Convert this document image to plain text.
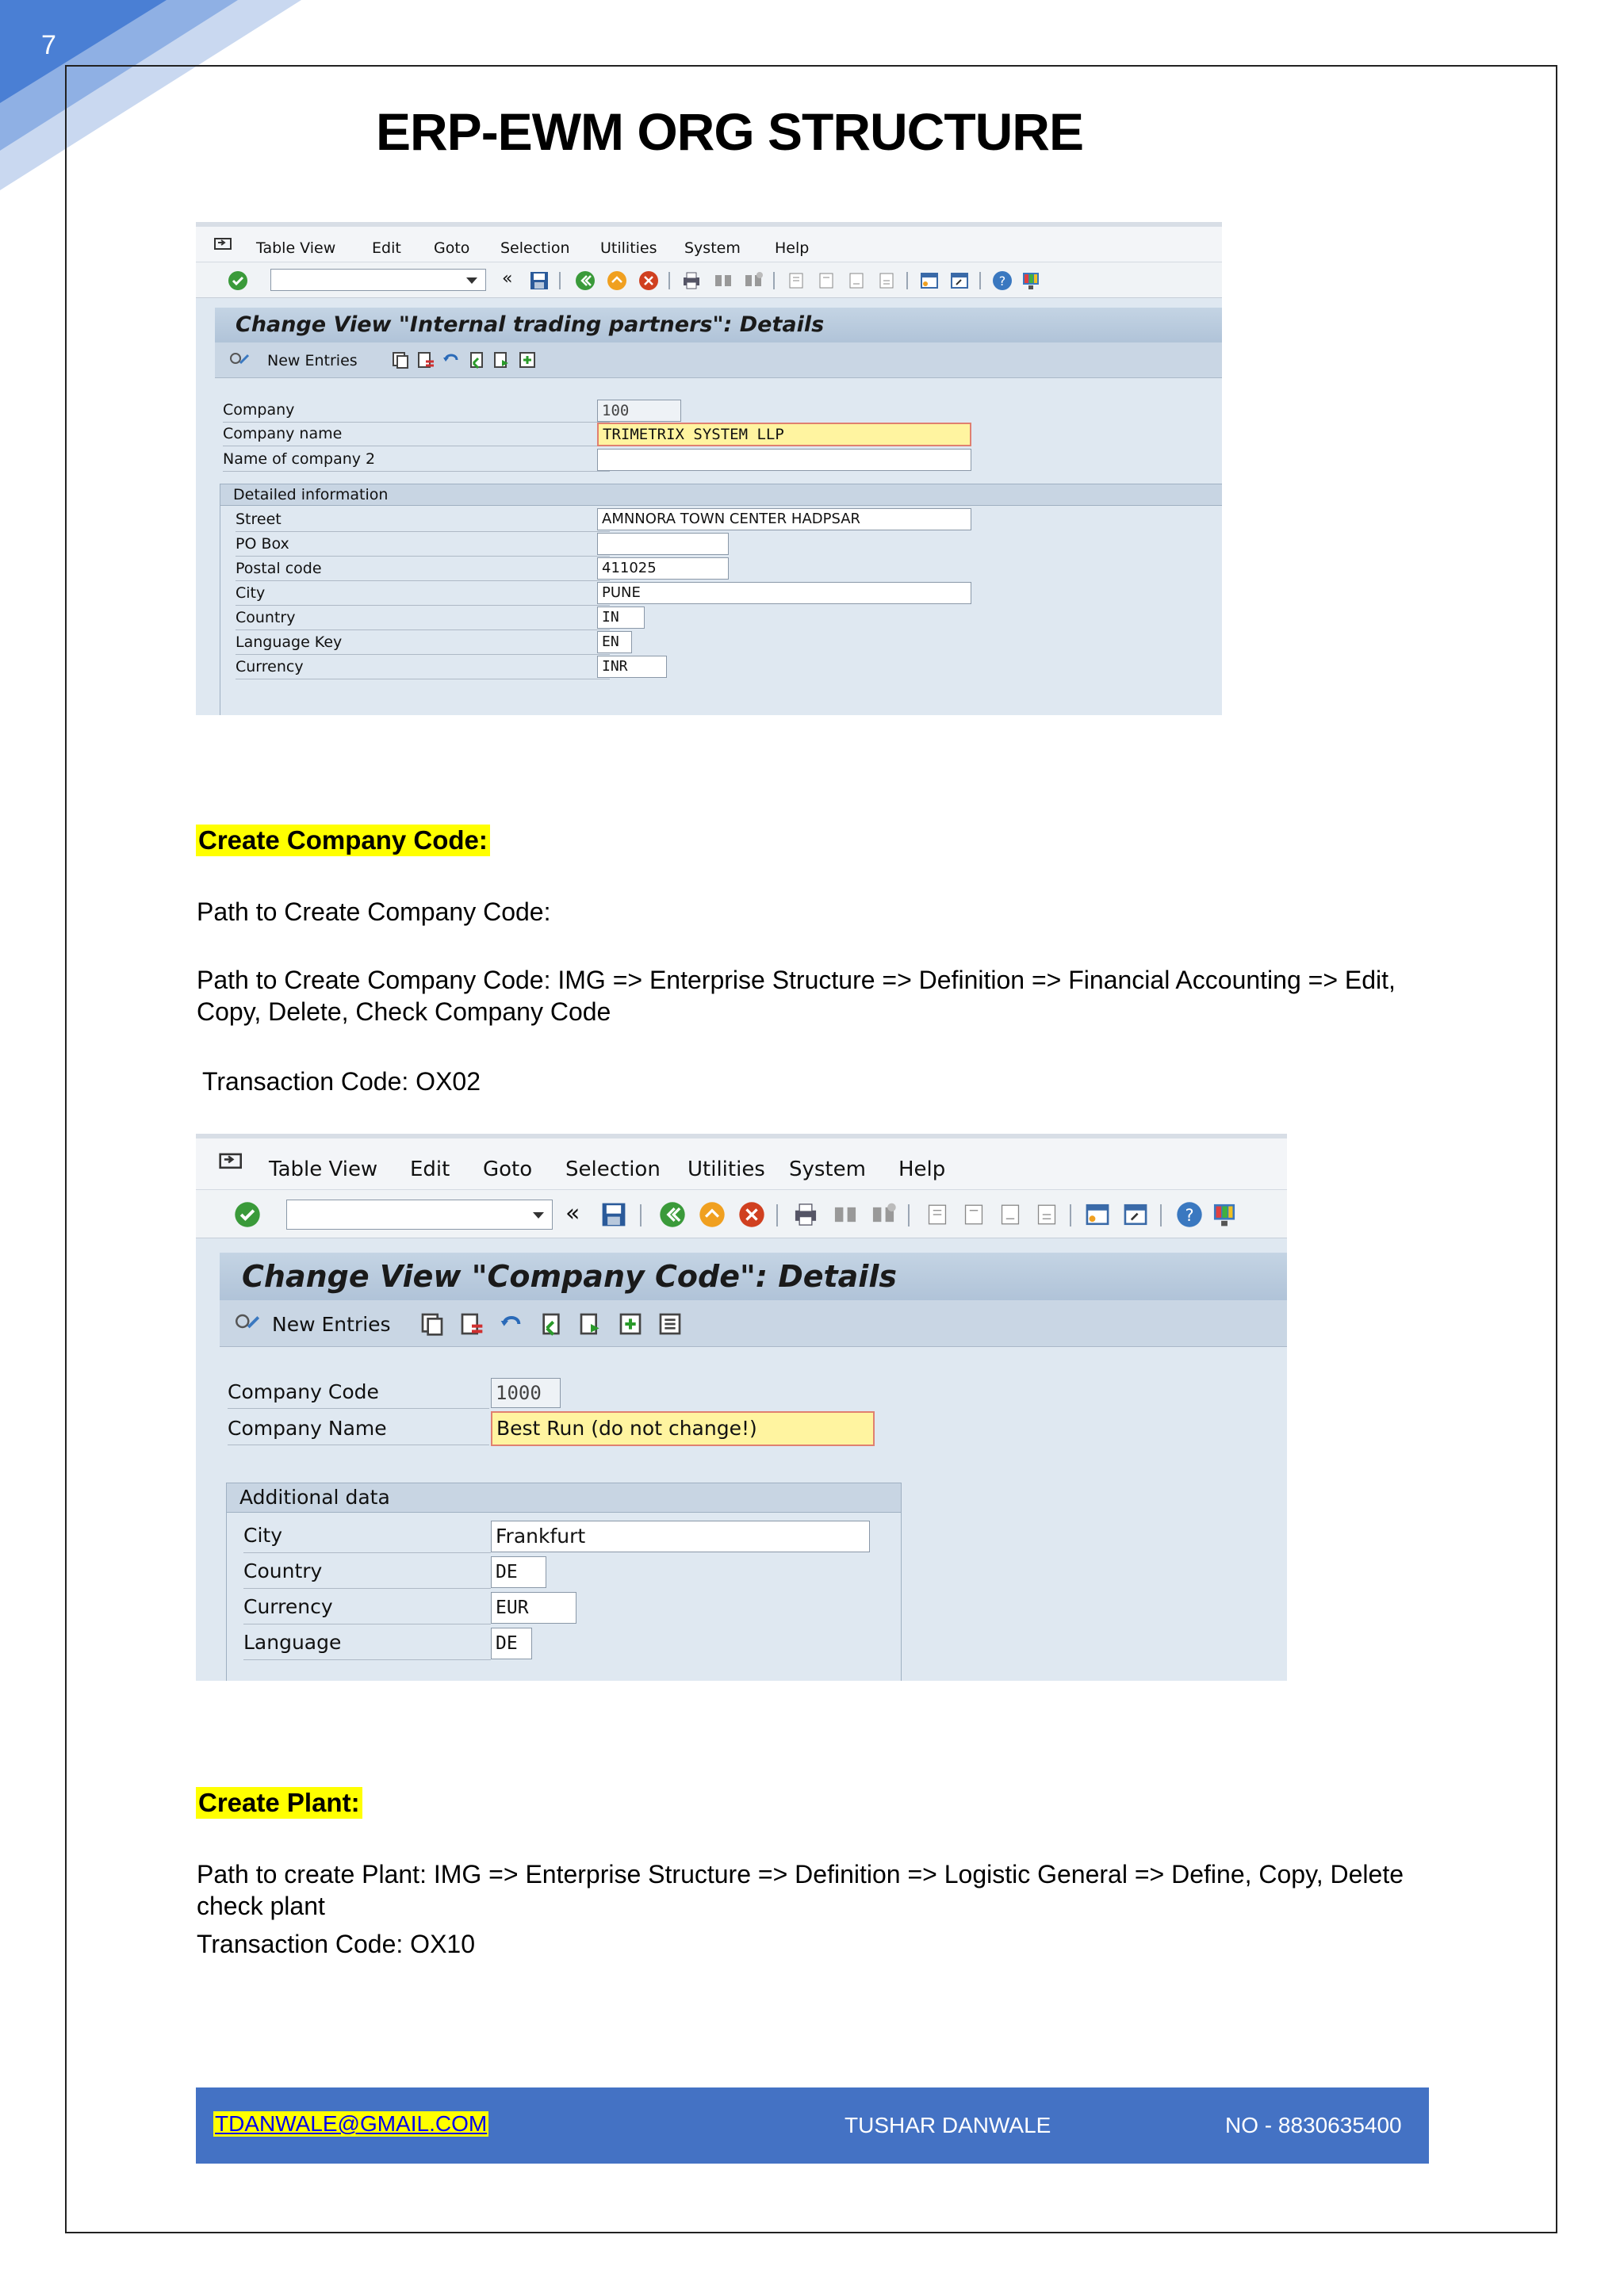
7
ERP-EWM ORG STRUCTURE
Table View Edit Goto Selection Utilities System Help
«	?
Change View "Internal trading partners": Details
New Entries
Company	100
Company name	TRIMETRIX SYSTEM LLP
Name of company 2
Detailed information
Street	AMNNORA TOWN CENTER HADPSAR
PO Box
Postal code	411025
City	PUNE
Country	IN
Language Key	EN
Currency	INR
Create Company Code:
Path to Create Company Code:
Path to Create Company Code: IMG => Enterprise Structure => Definition => Financial Accounting => Edit, Copy, Delete, Check Company Code
Transaction Code: OX02
Table View Edit Goto Selection Utilities System Help
«	?
Change View "Company Code": Details
New Entries
Company Code	1000
Company Name	Best Run (do not change!)
Additional data
City	Frankfurt
Country	DE
Currency	EUR
Language	DE
Create Plant:
Path to create Plant: IMG => Enterprise Structure => Definition => Logistic General => Define, Copy, Delete check plant
Transaction Code: OX10
TDANWALE@GMAIL.COM	TUSHAR DANWALE	NO - 8830635400
